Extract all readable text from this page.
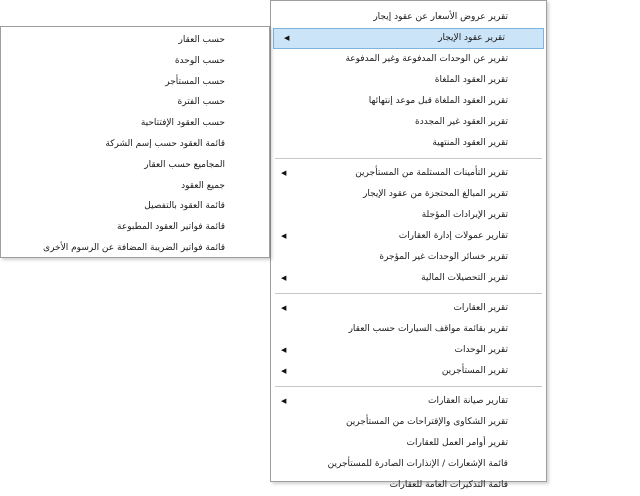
تقرير عروض الأسعار عن عقود إيجار
تقرير عقود الإيجار
◀
تقرير عن الوحدات المدفوعة وغير المدفوعة
تقرير العقود الملغاة
تقرير العقود الملغاة قبل موعد إنتهائها
تقرير العقود غير المجددة
تقرير العقود المنتهية
تقرير التأمينات المستلمة من المستأجرين
◀
تقرير المبالغ المحتجزة من عقود الإيجار
تقرير الإيرادات المؤجلة
تقارير عمولات إدارة العقارات
◀
تقرير خسائر الوحدات غير المؤجرة
تقرير التحصيلات المالية
◀
تقرير العقارات
◀
تقرير بقائمة مواقف السيارات حسب العقار
تقرير الوحدات
◀
تقرير المستأجرين
◀
تقارير صيانة العقارات
◀
تقرير الشكاوى والإقتراحات من المستأجرين
تقرير أوامر العمل للعقارات
قائمة الإشعارات / الإنذارات الصادرة للمستأجرين
قائمة التذكيرات العامة للعقارات
حسب العقار
حسب الوحدة
حسب المستأجر
حسب الفترة
حسب العقود الإفتتاحية
قائمة العقود حسب إسم الشركة
المجاميع حسب العقار
جميع العقود
قائمة العقود بالتفصيل
قائمة فواتير العقود المطبوعة
قائمة فواتير الضريبة المضافة عن الرسوم الأخرى
